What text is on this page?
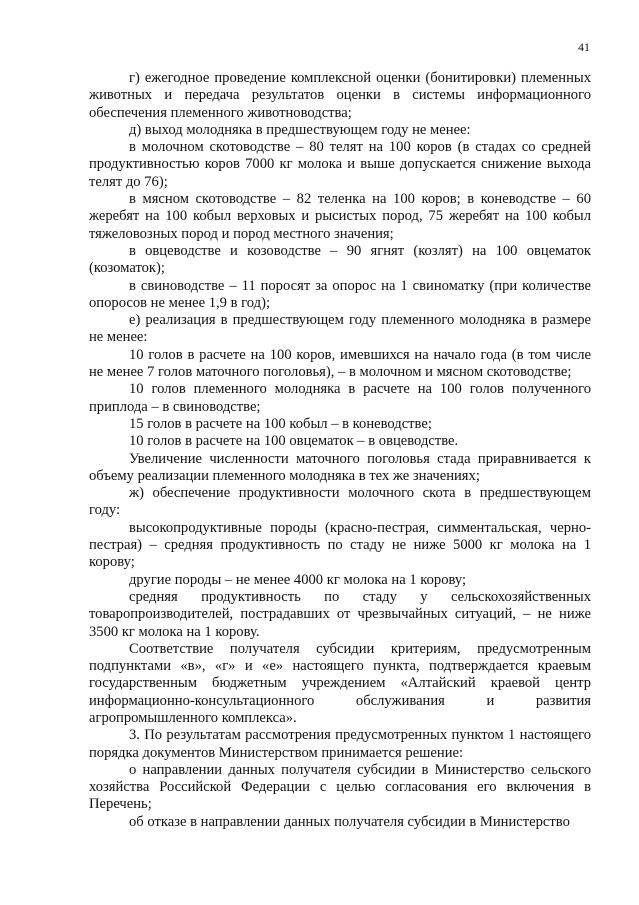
41

г) ежегодное проведение комплексной оценки (бонитировки) племенных животных и передача результатов оценки в системы информационного обеспечения племенного животноводства;

д) выход молодняка в предшествующем году не менее:

в молочном скотоводстве – 80 телят на 100 коров (в стадах со средней продуктивностью коров 7000 кг молока и выше допускается снижение выхода телят до 76);

в мясном скотоводстве – 82 теленка на 100 коров; в коневодстве – 60 жеребят на 100 кобыл верховых и рысистых пород, 75 жеребят на 100 кобыл тяжеловозных пород и пород местного значения;

в овцеводстве и козоводстве – 90 ягнят (козлят) на 100 овцематок (козоматок);

в свиноводстве – 11 поросят за опорос на 1 свиноматку (при количестве опоросов не менее 1,9 в год);

е) реализация в предшествующем году племенного молодняка в размере не менее:

10 голов в расчете на 100 коров, имевшихся на начало года (в том числе не менее 7 голов маточного поголовья), – в молочном и мясном скотоводстве;

10 голов племенного молодняка в расчете на 100 голов полученного приплода – в свиноводстве;

15 голов в расчете на 100 кобыл – в коневодстве;

10 голов в расчете на 100 овцематок – в овцеводстве.

Увеличение численности маточного поголовья стада приравнивается к объему реализации племенного молодняка в тех же значениях;

ж) обеспечение продуктивности молочного скота в предшествующем году:

высокопродуктивные породы (красно-пестрая, симментальская, черно-пестрая) – средняя продуктивность по стаду не ниже 5000 кг молока на 1 корову;

другие породы – не менее 4000 кг молока на 1 корову;

средняя продуктивность по стаду у сельскохозяйственных товаропроизводителей, пострадавших от чрезвычайных ситуаций, – не ниже 3500 кг молока на 1 корову.

Соответствие получателя субсидии критериям, предусмотренным подпунктами «в», «г» и «е» настоящего пункта, подтверждается краевым государственным бюджетным учреждением «Алтайский краевой центр информационно-консультационного обслуживания и развития агропромышленного комплекса».

3. По результатам рассмотрения предусмотренных пунктом 1 настоящего порядка документов Министерством принимается решение:

о направлении данных получателя субсидии в Министерство сельского хозяйства Российской Федерации с целью согласования его включения в Перечень;

об отказе в направлении данных получателя субсидии в Министерство
